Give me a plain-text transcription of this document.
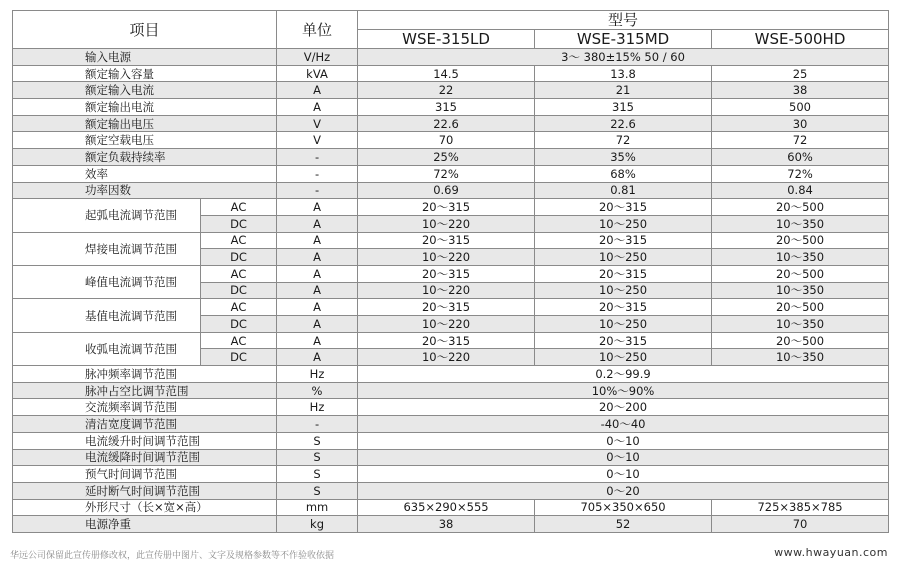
项目		单位	型号		
			WSE-315LD	WSE-315MD	WSE-500HD
输入电源		V/Hz	3～ 380±15% 50 / 60		
额定输入容量		kVA	14.5	13.8	25
额定输入电流		A	22	21	38
额定输出电流		A	315	315	500
额定输出电压		V	22.6	22.6	30
额定空载电压		V	70	72	72
额定负载持续率		-	25%	35%	60%
效率		-	72%	68%	72%
功率因数		-	0.69	0.81	0.84
起弧电流调节范围	AC	A	20～315	20～315	20～500
	DC	A	10～220	10～250	10～350
焊接电流调节范围	AC	A	20～315	20～315	20～500
	DC	A	10～220	10～250	10～350
峰值电流调节范围	AC	A	20～315	20～315	20～500
	DC	A	10～220	10～250	10～350
基值电流调节范围	AC	A	20～315	20～315	20～500
	DC	A	10～220	10～250	10～350
收弧电流调节范围	AC	A	20～315	20～315	20～500
	DC	A	10～220	10～250	10～350
脉冲频率调节范围		Hz	0.2～99.9		
脉冲占空比调节范围		%	10%～90%		
交流频率调节范围		Hz	20～200		
清洁宽度调节范围		-	-40～40		
电流缓升时间调节范围		S	0～10		
电流缓降时间调节范围		S	0～10		
预气时间调节范围		S	0～10		
延时断气时间调节范围		S	0～20		
外形尺寸（长×宽×高）		mm	635×290×555	705×350×650	725×385×785
电源净重		kg	38	52	70
华远公司保留此宣传册修改权，此宣传册中图片、文字及规格参数等不作验收依据	www.hwayuan.com
